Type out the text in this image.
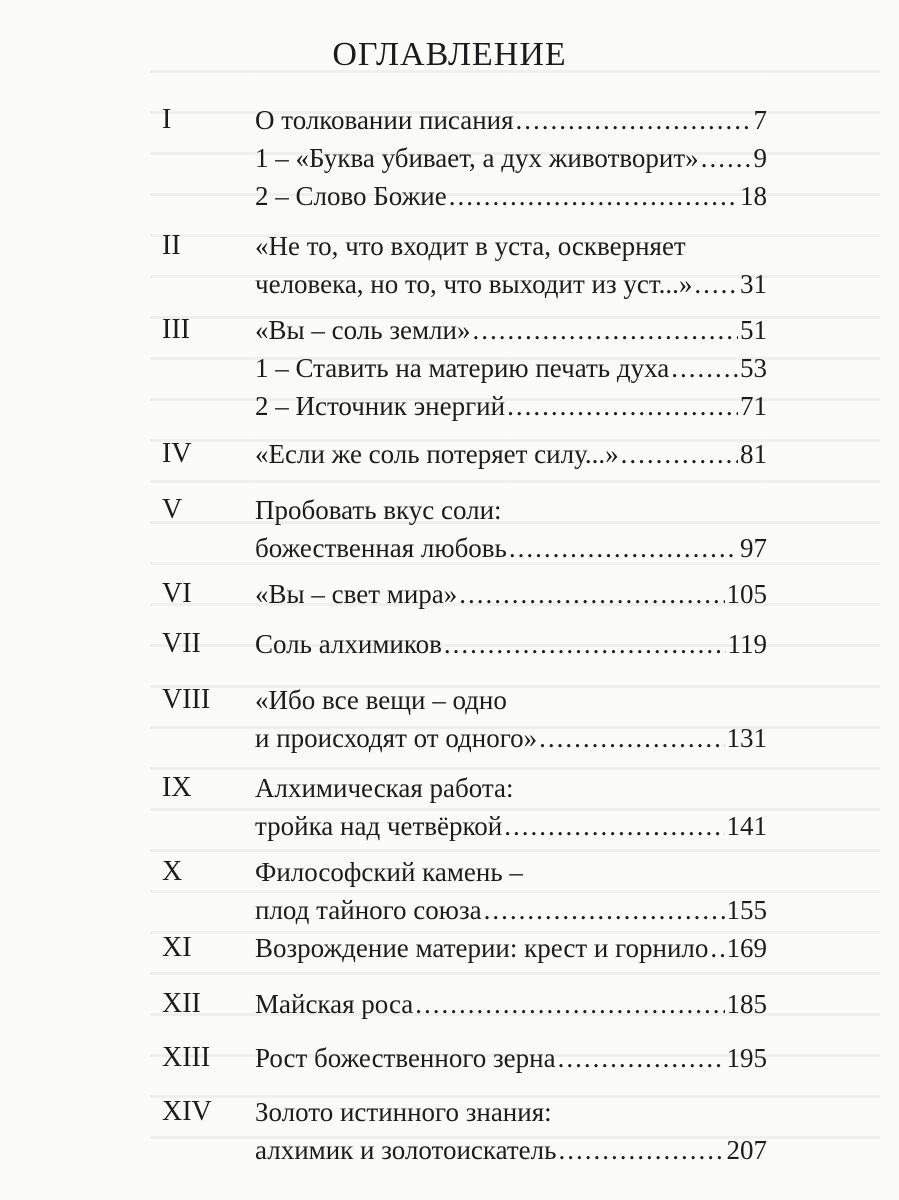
ОГЛАВЛЕНИЕ
I	О толковании писания .....	7
1 – «Буква убивает, а дух животворит» ..... 9
2 – Слово Божие .....	18
II	«Не то, что входит в уста, оскверняет
человека, но то, что выходит из уст...» ..... 31
III «Вы – соль земли» .....	51
1 – Ставить на материю печать духа .....	53
2 – Источник энергий .....	71
IV «Если же соль потеряет силу...» .....	81
V	Пробовать вкус соли:
божественная любовь .....	97
VI «Вы – свет мира» .....	105
VII Соль алхимиков .....	119
VIII «Ибо все вещи – одно
и происходят от одного» .....	131
IX Алхимическая работа:
тройка над четвёркой .....	141
X	Философский камень –
плод тайного союза .....	155
XI Возрождение материи: крест и горнило ..... 169
XII Майская роса .....	185
XIII Рост божественного зерна .....	195
XIV Золото истинного знания:
алхимик и золотоискатель .....	207
